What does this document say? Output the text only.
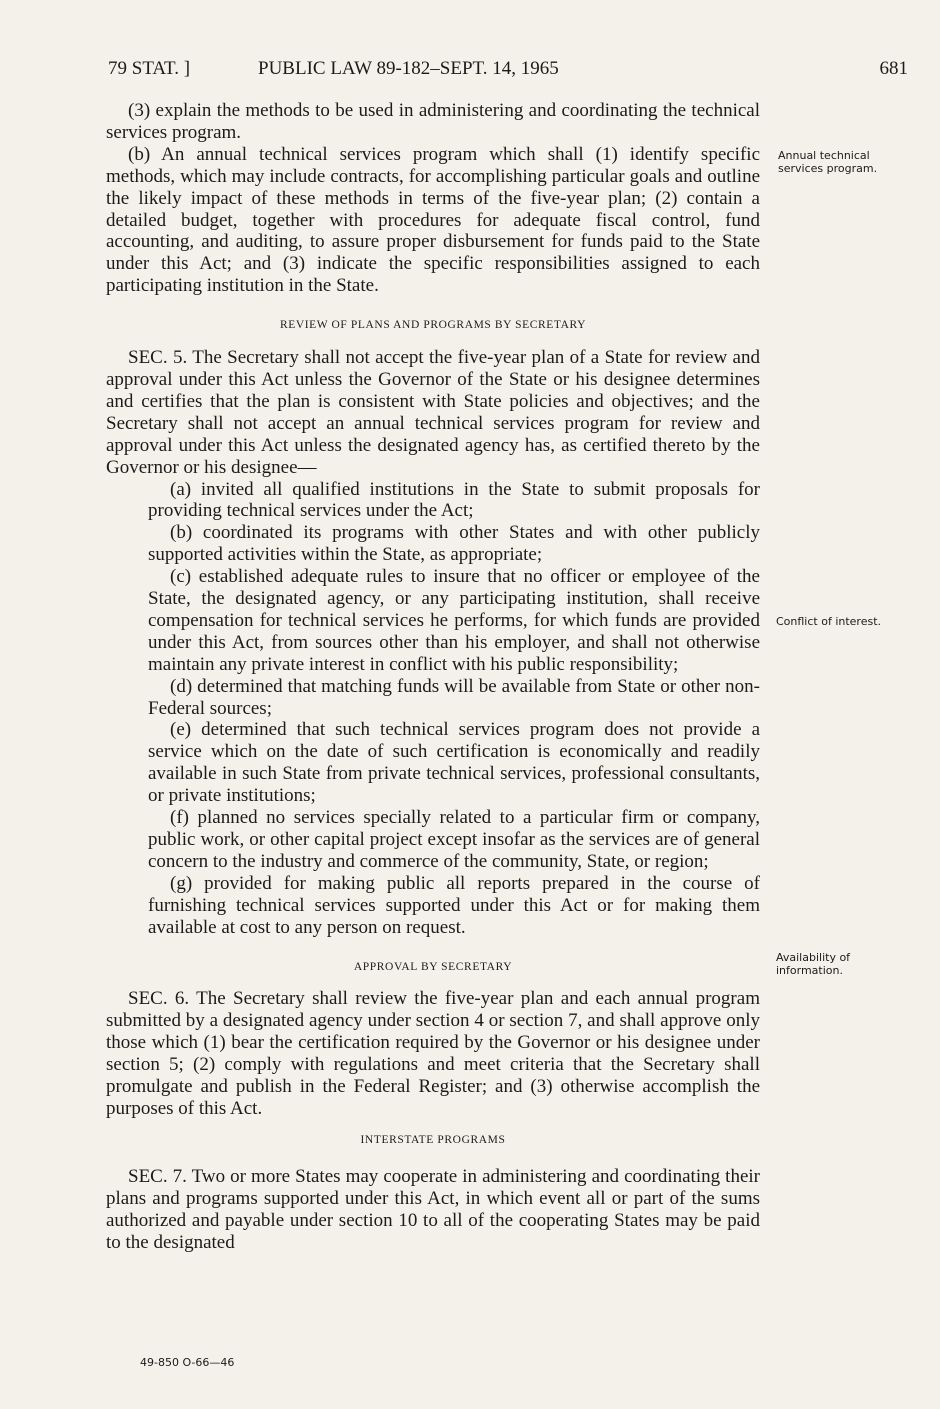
79 STAT. ]	PUBLIC LAW 89-182–SEPT. 14, 1965	681

(3) explain the methods to be used in administering and coordinating the technical services program.

(b) An annual technical services program which shall (1) identify specific methods, which may include contracts, for accomplishing particular goals and outline the likely impact of these methods in terms of the five-year plan; (2) contain a detailed budget, together with procedures for adequate fiscal control, fund accounting, and auditing, to assure proper disbursement for funds paid to the State under this Act; and (3) indicate the specific responsibilities assigned to each participating institution in the State.

REVIEW OF PLANS AND PROGRAMS BY SECRETARY

SEC. 5. The Secretary shall not accept the five-year plan of a State for review and approval under this Act unless the Governor of the State or his designee determines and certifies that the plan is consistent with State policies and objectives; and the Secretary shall not accept an annual technical services program for review and approval under this Act unless the designated agency has, as certified thereto by the Governor or his designee—

(a) invited all qualified institutions in the State to submit proposals for providing technical services under the Act;

(b) coordinated its programs with other States and with other publicly supported activities within the State, as appropriate;

(c) established adequate rules to insure that no officer or employee of the State, the designated agency, or any participating institution, shall receive compensation for technical services he performs, for which funds are provided under this Act, from sources other than his employer, and shall not otherwise maintain any private interest in conflict with his public responsibility;

(d) determined that matching funds will be available from State or other non-Federal sources;

(e) determined that such technical services program does not provide a service which on the date of such certification is economically and readily available in such State from private technical services, professional consultants, or private institutions;

(f) planned no services specially related to a particular firm or company, public work, or other capital project except insofar as the services are of general concern to the industry and commerce of the community, State, or region;

(g) provided for making public all reports prepared in the course of furnishing technical services supported under this Act or for making them available at cost to any person on request.

APPROVAL BY SECRETARY

SEC. 6. The Secretary shall review the five-year plan and each annual program submitted by a designated agency under section 4 or section 7, and shall approve only those which (1) bear the certification required by the Governor or his designee under section 5; (2) comply with regulations and meet criteria that the Secretary shall promulgate and publish in the Federal Register; and (3) otherwise accomplish the purposes of this Act.

INTERSTATE PROGRAMS

SEC. 7. Two or more States may cooperate in administering and coordinating their plans and programs supported under this Act, in which event all or part of the sums authorized and payable under section 10 to all of the cooperating States may be paid to the designated

Annual technical services program.
Conflict of interest.
Availability of information.
49-850 O-66—46
